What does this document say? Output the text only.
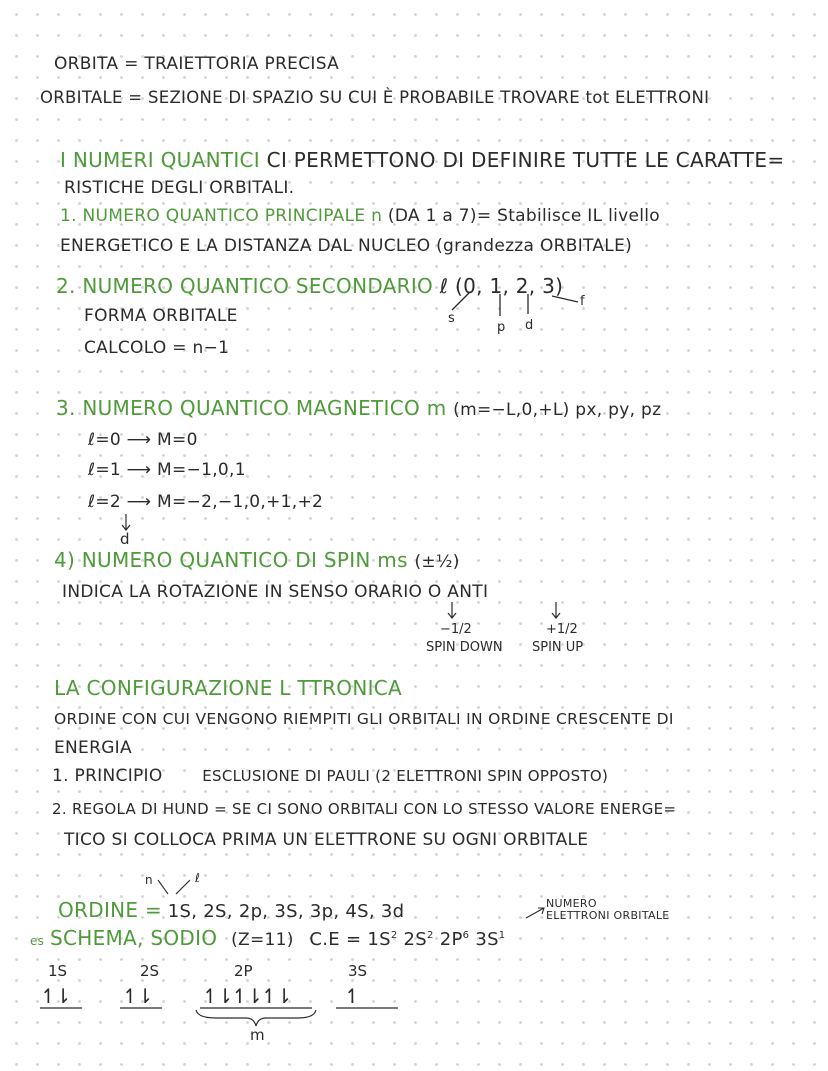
ORBITA = TRAIETTORIA PRECISA
ORBITALE = SEZIONE DI SPAZIO SU CUI È PROBABILE TROVARE tot ELETTRONI
I NUMERI QUANTICI CI PERMETTONO DI DEFINIRE TUTTE LE CARATTE=
RISTICHE DEGLI ORBITALI.
1. NUMERO QUANTICO PRINCIPALE n (DA 1 a 7)= Stabilisce IL livello
ENERGETICO E LA DISTANZA DAL NUCLEO (grandezza ORBITALE)
2. NUMERO QUANTICO SECONDARIO ℓ (0, 1, 2, 3)
s
p d
f
FORMA ORBITALE
CALCOLO = n−1
3. NUMERO QUANTICO MAGNETICO m (m=−L,0,+L) px, py, pz
ℓ=0 ⟶ M=0
ℓ=1 ⟶ M=−1,0,1
ℓ=2 ⟶ M=−2,−1,0,+1,+2
d
4) NUMERO QUANTICO DI SPIN ms (±½)
INDICA LA ROTAZIONE IN SENSO ORARIO O ANTI
−1/2	+1/2
SPIN DOWN SPIN UP
LA CONFIGURAZIONE L TTRONICA
ORDINE CON CUI VENGONO RIEMPITI GLI ORBITALI IN ORDINE CRESCENTE DI
ENERGIA
1. PRINCIPIO	ESCLUSIONE DI PAULI (2 ELETTRONI SPIN OPPOSTO)
2. REGOLA DI HUND = SE CI SONO ORBITALI CON LO STESSO VALORE ENERGE=
TICO SI COLLOCA PRIMA UN ELETTRONE SU OGNI ORBITALE
n	ℓ
ORDINE = 1S, 2S, 2p, 3S, 3p, 4S, 3d	NUMERO
ELETTRONI ORBITALE
es SCHEMA, SODIO (Z=11) $C.E = 1S^2$ $2S^2$ $2P^6$ $3S^1$
1S	2S	2P	3S
↿⇂	↿⇂	↿⇂↿⇂↿⇂	↿
m
